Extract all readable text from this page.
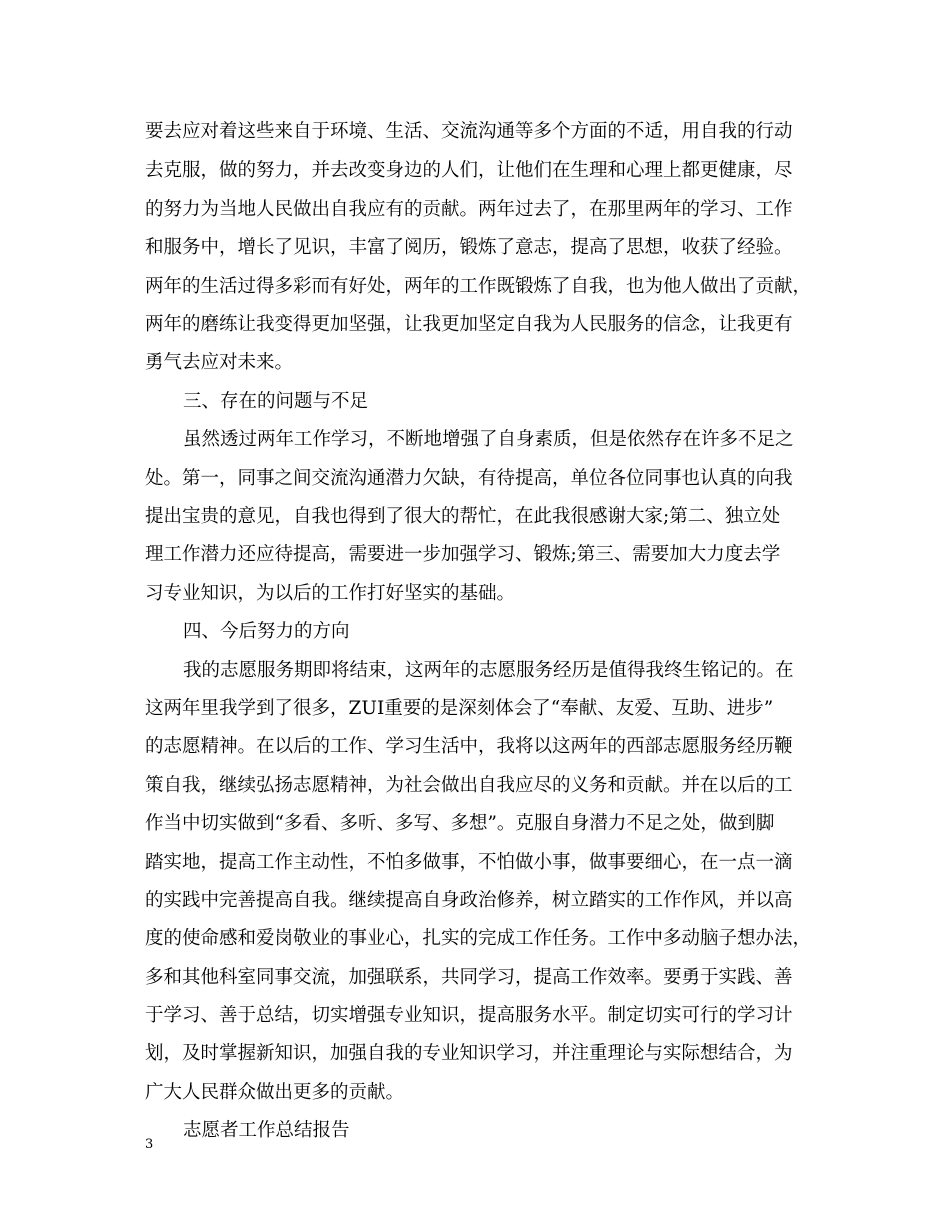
要去应对着这些来自于环境、生活、交流沟通等多个方面的不适，用自我的行动
去克服，做的努力，并去改变身边的人们，让他们在生理和心理上都更健康，尽
的努力为当地人民做出自我应有的贡献。两年过去了，在那里两年的学习、工作
和服务中，增长了见识，丰富了阅历，锻炼了意志，提高了思想，收获了经验。
两年的生活过得多彩而有好处，两年的工作既锻炼了自我，也为他人做出了贡献，
两年的磨练让我变得更加坚强，让我更加坚定自我为人民服务的信念，让我更有
勇气去应对未来。
三、存在的问题与不足
虽然透过两年工作学习，不断地增强了自身素质，但是依然存在许多不足之
处。第一，同事之间交流沟通潜力欠缺，有待提高，单位各位同事也认真的向我
提出宝贵的意见，自我也得到了很大的帮忙，在此我很感谢大家;第二、独立处
理工作潜力还应待提高，需要进一步加强学习、锻炼;第三、需要加大力度去学
习专业知识，为以后的工作打好坚实的基础。
四、今后努力的方向
我的志愿服务期即将结束，这两年的志愿服务经历是值得我终生铭记的。在
这两年里我学到了很多，ZUI重要的是深刻体会了“奉献、友爱、互助、进步”
的志愿精神。在以后的工作、学习生活中，我将以这两年的西部志愿服务经历鞭
策自我，继续弘扬志愿精神，为社会做出自我应尽的义务和贡献。并在以后的工
作当中切实做到“多看、多听、多写、多想”。克服自身潜力不足之处，做到脚
踏实地，提高工作主动性，不怕多做事，不怕做小事，做事要细心，在一点一滴
的实践中完善提高自我。继续提高自身政治修养，树立踏实的工作作风，并以高
度的使命感和爱岗敬业的事业心，扎实的完成工作任务。工作中多动脑子想办法，
多和其他科室同事交流，加强联系，共同学习，提高工作效率。要勇于实践、善
于学习、善于总结，切实增强专业知识，提高服务水平。制定切实可行的学习计
划，及时掌握新知识，加强自我的专业知识学习，并注重理论与实际想结合，为
广大人民群众做出更多的贡献。
志愿者工作总结报告
3
